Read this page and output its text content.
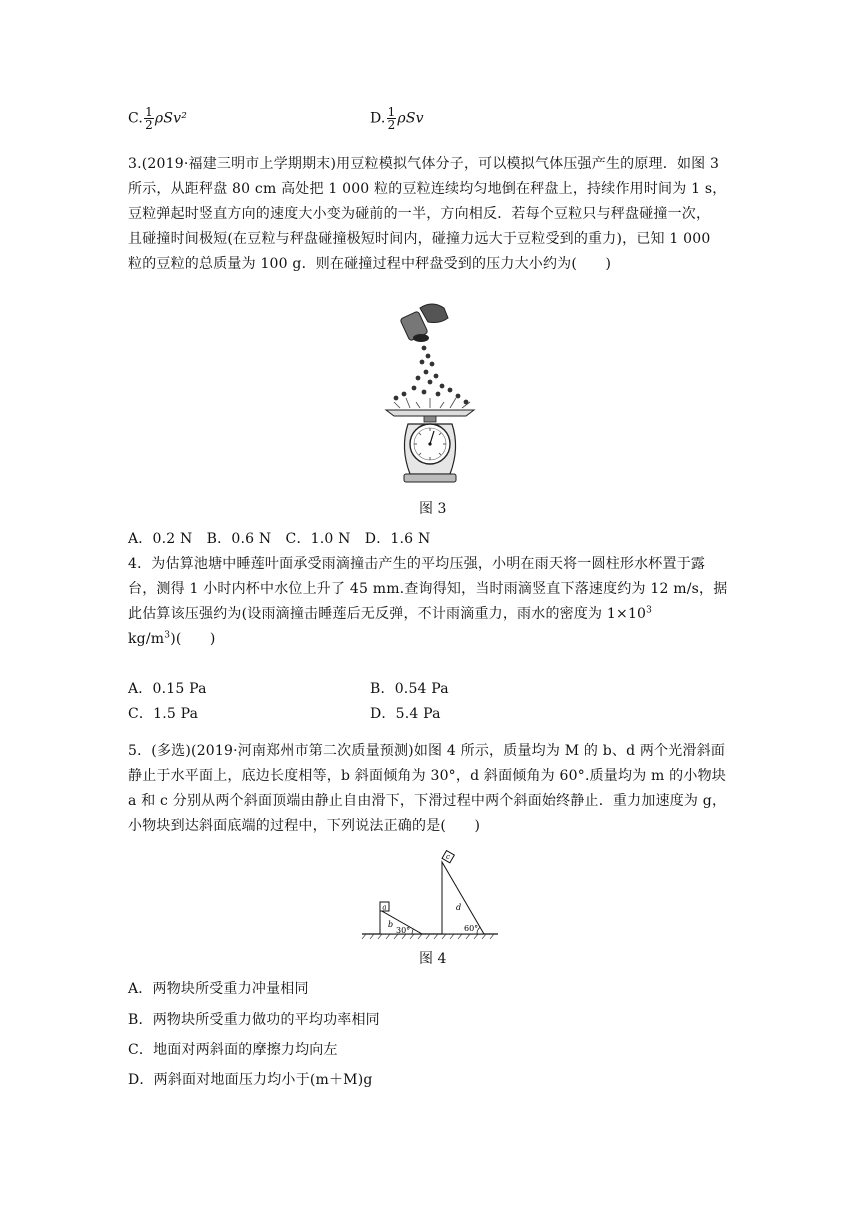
C. $\frac{1}{2} \rho Sv^2$	D. $\frac{1}{2}$ ρSv
3.(2019·福建三明市上学期期末)用豆粒模拟气体分子，可以模拟气体压强产生的原理．如图 3
所示，从距秤盘 80 cm 高处把 1 000 粒的豆粒连续均匀地倒在秤盘上，持续作用时间为 1 s，
豆粒弹起时竖直方向的速度大小变为碰前的一半，方向相反．若每个豆粒只与秤盘碰撞一次，
且碰撞时间极短(在豆粒与秤盘碰撞极短时间内，碰撞力远大于豆粒受到的重力)，已知 1 000
粒的豆粒的总质量为 100 g．则在碰撞过程中秤盘受到的压力大小约为(　　)
图 3
A．0.2 N　B．0.6 N　C．1.0 N　D．1.6 N
4．为估算池塘中睡莲叶面承受雨滴撞击产生的平均压强，小明在雨天将一圆柱形水杯置于露
台，测得 1 小时内杯中水位上升了 45 mm.查询得知，当时雨滴竖直下落速度约为 12 m/s，据
此估算该压强约为(设雨滴撞击睡莲后无反弹，不计雨滴重力，雨水的密度为 $1\times 10^3$
$kg/m^3$)(　　)
A．0.15 Pa	B．0.54 Pa
C．1.5 Pa	D．5.4 Pa
5．(多选)(2019·河南郑州市第二次质量预测)如图 4 所示，质量均为 M 的 b、d 两个光滑斜面
静止于水平面上，底边长度相等，b 斜面倾角为 30°，d 斜面倾角为 60°.质量均为 m 的小物块
a 和 c 分别从两个斜面顶端由静止自由滑下，下滑过程中两个斜面始终静止．重力加速度为 g，
小物块到达斜面底端的过程中，下列说法正确的是(　　)
a
b
30°
c
d
60°
图 4
A．两物块所受重力冲量相同
B．两物块所受重力做功的平均功率相同
C．地面对两斜面的摩擦力均向左
D．两斜面对地面压力均小于(m＋M)g
